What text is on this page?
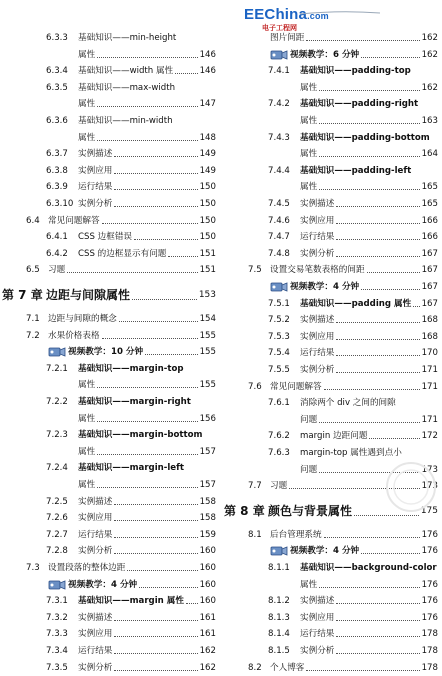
6.3.3 基础知识——min-height
属性	146
6.3.4 基础知识——width 属性	146
6.3.5 基础知识——max-width
属性	147
6.3.6 基础知识——min-width
属性	148
6.3.7 实例描述	149
6.3.8 实例应用	149
6.3.9 运行结果	150
6.3.10 实例分析	150
6.4 常见问题解答	150
6.4.1 CSS 边框错误	150
6.4.2 CSS 的边框显示有问题	151
6.5 习题	151
第 7 章 边距与间隙属性	153
7.1 边距与间隙的概念	154
7.2 水果价格表格	155
视频教学：10 分钟	155
7.2.1 基础知识——margin-top
属性	155
7.2.2 基础知识——margin-right
属性	156
7.2.3 基础知识——margin-bottom
属性	157
7.2.4 基础知识——margin-left
属性	157
7.2.5 实例描述	158
7.2.6 实例应用	158
7.2.7 运行结果	159
7.2.8 实例分析	160
7.3 设置段落的整体边距	160
视频教学：4 分钟	160
7.3.1 基础知识——margin 属性 160
7.3.2 实例描述	161
7.3.3 实例应用	161
7.3.4 运行结果	162
7.3.5 实例分析	162
图片间距	162
视频教学：6 分钟	162
7.4.1 基础知识——padding-top
属性	162
7.4.2 基础知识——padding-right
属性	163
7.4.3 基础知识——padding-bottom
属性	164
7.4.4 基础知识——padding-left
属性	165
7.4.5 实例描述	165
7.4.6 实例应用	166
7.4.7 运行结果	166
7.4.8 实例分析	167
7.5 设置交易笔数表格的间距	167
视频教学：4 分钟	167
7.5.1 基础知识——padding 属性 167
7.5.2 实例描述	168
7.5.3 实例应用	168
7.5.4 运行结果	170
7.5.5 实例分析	171
7.6 常见问题解答	171
7.6.1 消除两个 div 之间的间隙
问题	171
7.6.2 margin 边距问题	172
7.6.3 margin-top 属性遇到点小
问题	173
7.7 习题	173
第 8 章 颜色与背景属性	175
8.1 后台管理系统	176
视频教学：4 分钟	176
8.1.1 基础知识——background-color
属性	176
8.1.2 实例描述	176
8.1.3 实例应用	176
8.1.4 运行结果	178
8.1.5 实例分析	178
8.2 个人博客	178
EEChina.com
电子工程网
